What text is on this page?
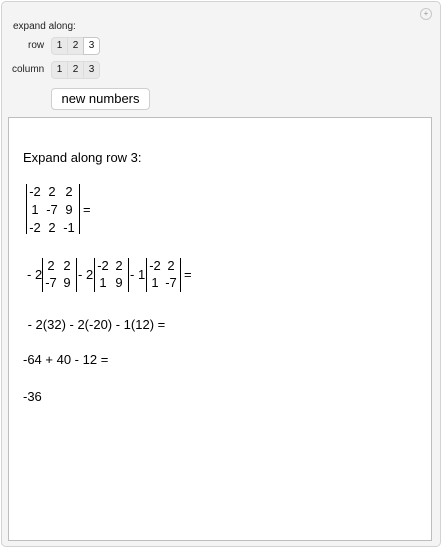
+
expand along:
row	1	2	3
column	1	2	3
new numbers
Expand along row 3:
-2 2 2
1 -7 9
-2 2 -1
=
- 2
2 2
-7 9
- 2
-2 2
1 9
- 1
-2 2
1 -7
=
- 2(32) - 2(-20) - 1(12) =
-64 + 40 - 12 =
-36
